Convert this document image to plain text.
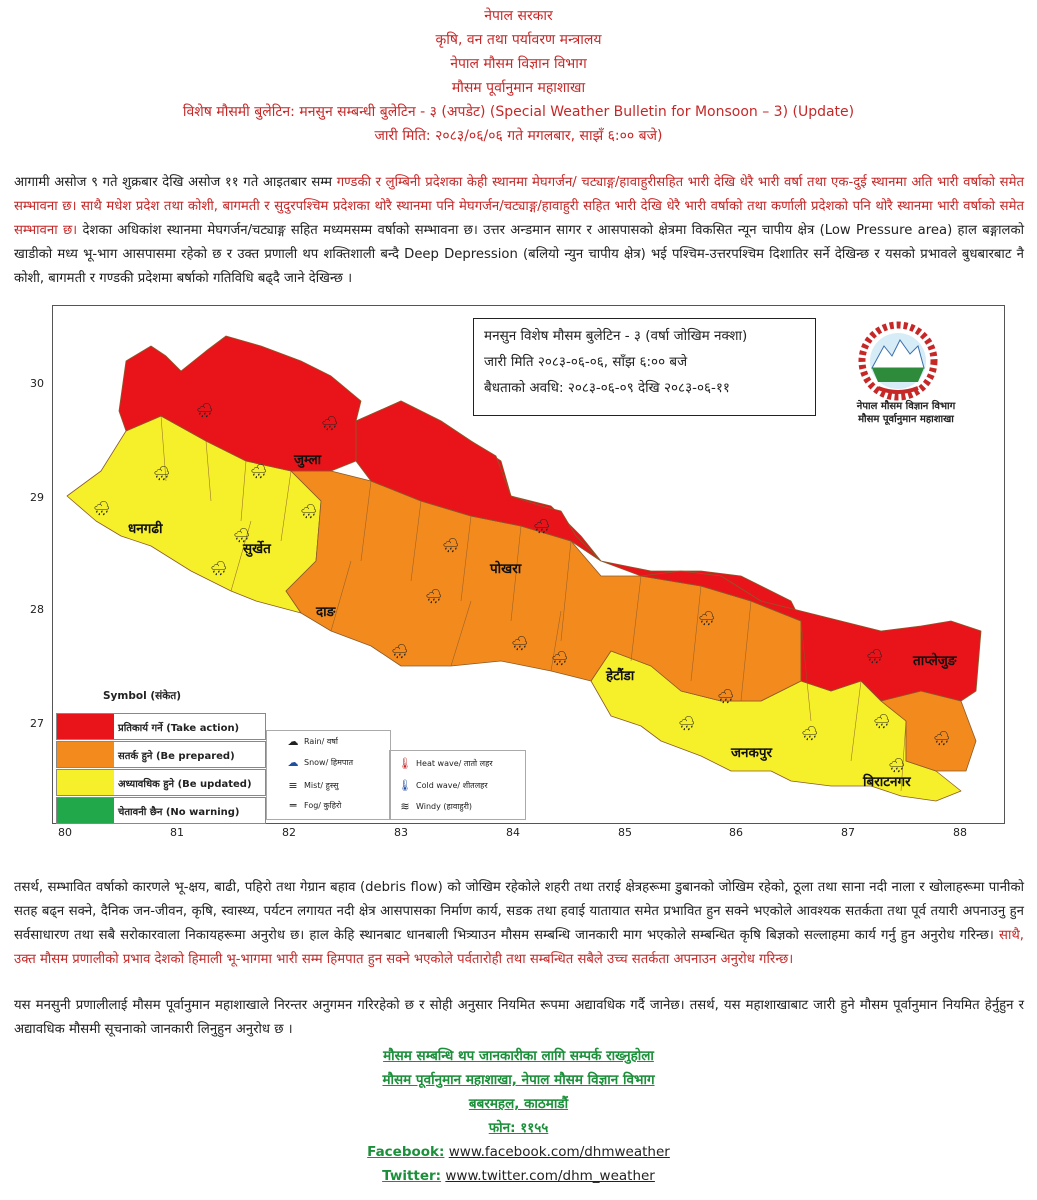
नेपाल सरकार
कृषि, वन तथा पर्यावरण मन्त्रालय
नेपाल मौसम विज्ञान विभाग
मौसम पूर्वानुमान महाशाखा
विशेष मौसमी बुलेटिन: मनसुन सम्बन्धी बुलेटिन - ३ (अपडेट) (Special Weather Bulletin for Monsoon – 3) (Update)
जारी मिति: २०८३/०६/०६ गते मगलबार, साझँ ६:०० बजे)
आगामी असोज ९ गते शुक्रबार देखि असोज ११ गते आइतबार सम्म गण्डकी र लुम्बिनी प्रदेशका केही स्थानमा मेघगर्जन/ चट्याङ्ग/हावाहुरीसहित भारी देखि धेरै भारी वर्षा तथा एक-दुई स्थानमा अति भारी वर्षाको समेत सम्भावना छ। साथै मधेश प्रदेश तथा कोशी, बागमती र सुदुरपश्चिम प्रदेशका थोरै स्थानमा पनि मेघगर्जन/चट्याङ्ग/हावाहुरी सहित भारी देखि धेरै भारी वर्षाको तथा कर्णाली प्रदेशको पनि थोरै स्थानमा भारी वर्षाको समेत सम्भावना छ। देशका अधिकांश स्थानमा मेघगर्जन/चट्याङ्ग सहित मध्यमसम्म वर्षाको सम्भावना छ। उत्तर अन्डमान सागर र आसपासको क्षेत्रमा विकसित न्यून चापीय क्षेत्र (Low Pressure area) हाल बङ्गालको खाडीको मध्य भू-भाग आसपासमा रहेको छ र उक्त प्रणाली थप शक्तिशाली बन्दै Deep Depression (बलियो न्युन चापीय क्षेत्र) भई पश्चिम-उत्तरपश्चिम दिशातिर सर्ने देखिन्छ र यसको प्रभावले बुधबारबाट नै कोशी, बागमती र गण्डकी प्रदेशमा बर्षाको गतिविधि बढ्दै जाने देखिन्छ ।
🌧
🌧
🌧
🌧	🌧
🌧
🌧
🌧
🌧
🌧
🌧
🌧	🌧
🌧
🌧
🌧
🌧
🌧
🌧
🌧
🌧
🌧
जुम्ला
धनगढी
सुर्खेत
दाङ
पोखरा
हेटौंडा
जनकपुर
बिराटनगर
ताप्लेजुङ
30
29
28
27
80	81	82	83	84	85	86	87	88
मनसुन विशेष मौसम बुलेटिन - ३ (वर्षा जोखिम नक्शा)
जारी मिति २०८३-०६-०६, साँझ ६:०० बजे
बैधताको अवधि: २०८३-०६-०९ देखि २०८३-०६-११
नेपाल मौसम विज्ञान विभाग
मौसम पूर्वानुमान महाशाखा
Symbol (संकेत)
प्रतिकार्य गर्ने (Take action)
सतर्क हुने (Be prepared)
अध्यावधिक हुने (Be updated)
चेतावनी छैन (No warning)
☁ Rain/ वर्षा
☁ Snow/ हिमपात
≡ Mist/ हुस्सु
═ Fog/ कुहिरो
🌡 Heat wave/ तातो लहर
🌡 Cold wave/ शीतलहर
≋ Windy (हावाहुरी)
तसर्थ, सम्भावित वर्षाको कारणले भू-क्षय, बाढी, पहिरो तथा गेग्रान बहाव (debris flow) को जोखिम रहेकोले शहरी तथा तराई क्षेत्रहरूमा डुबानको जोखिम रहेको, ठूला तथा साना नदी नाला र खोलाहरूमा पानीको सतह बढ्न सक्ने, दैनिक जन-जीवन, कृषि, स्वास्थ्य, पर्यटन लगायत नदी क्षेत्र आसपासका निर्माण कार्य, सडक तथा हवाई यातायात समेत प्रभावित हुन सक्ने भएकोले आवश्यक सतर्कता तथा पूर्व तयारी अपनाउनु हुन सर्वसाधारण तथा सबै सरोकारवाला निकायहरूमा अनुरोध छ। हाल केहि स्थानबाट धानबाली भित्र्याउन मौसम सम्बन्धि जानकारी माग भएकोले सम्बन्धित कृषि बिज्ञको सल्लाहमा कार्य गर्नु हुन अनुरोध गरिन्छ। साथै, उक्त मौसम प्रणालीको प्रभाव देशको हिमाली भू-भागमा भारी सम्म हिमपात हुन सक्ने भएकोले पर्वतारोही तथा सम्बन्धित सबैले उच्च सतर्कता अपनाउन अनुरोध गरिन्छ।
यस मनसुनी प्रणालीलाई मौसम पूर्वानुमान महाशाखाले निरन्तर अनुगमन गरिरहेको छ र सोही अनुसार नियमित रूपमा अद्यावधिक गर्दै जानेछ। तसर्थ, यस महाशाखाबाट जारी हुने मौसम पूर्वानुमान नियमित हेर्नुहुन र अद्यावधिक मौसमी सूचनाको जानकारी लिनुहुन अनुरोध छ ।
मौसम सम्बन्धि थप जानकारीका लागि सम्पर्क राख्नुहोला
मौसम पूर्वानुमान महाशाखा, नेपाल मौसम विज्ञान विभाग
बबरमहल, काठमाडौं
फोन: ११५५
Facebook: www.facebook.com/dhmweather
Twitter: www.twitter.com/dhm_weather
